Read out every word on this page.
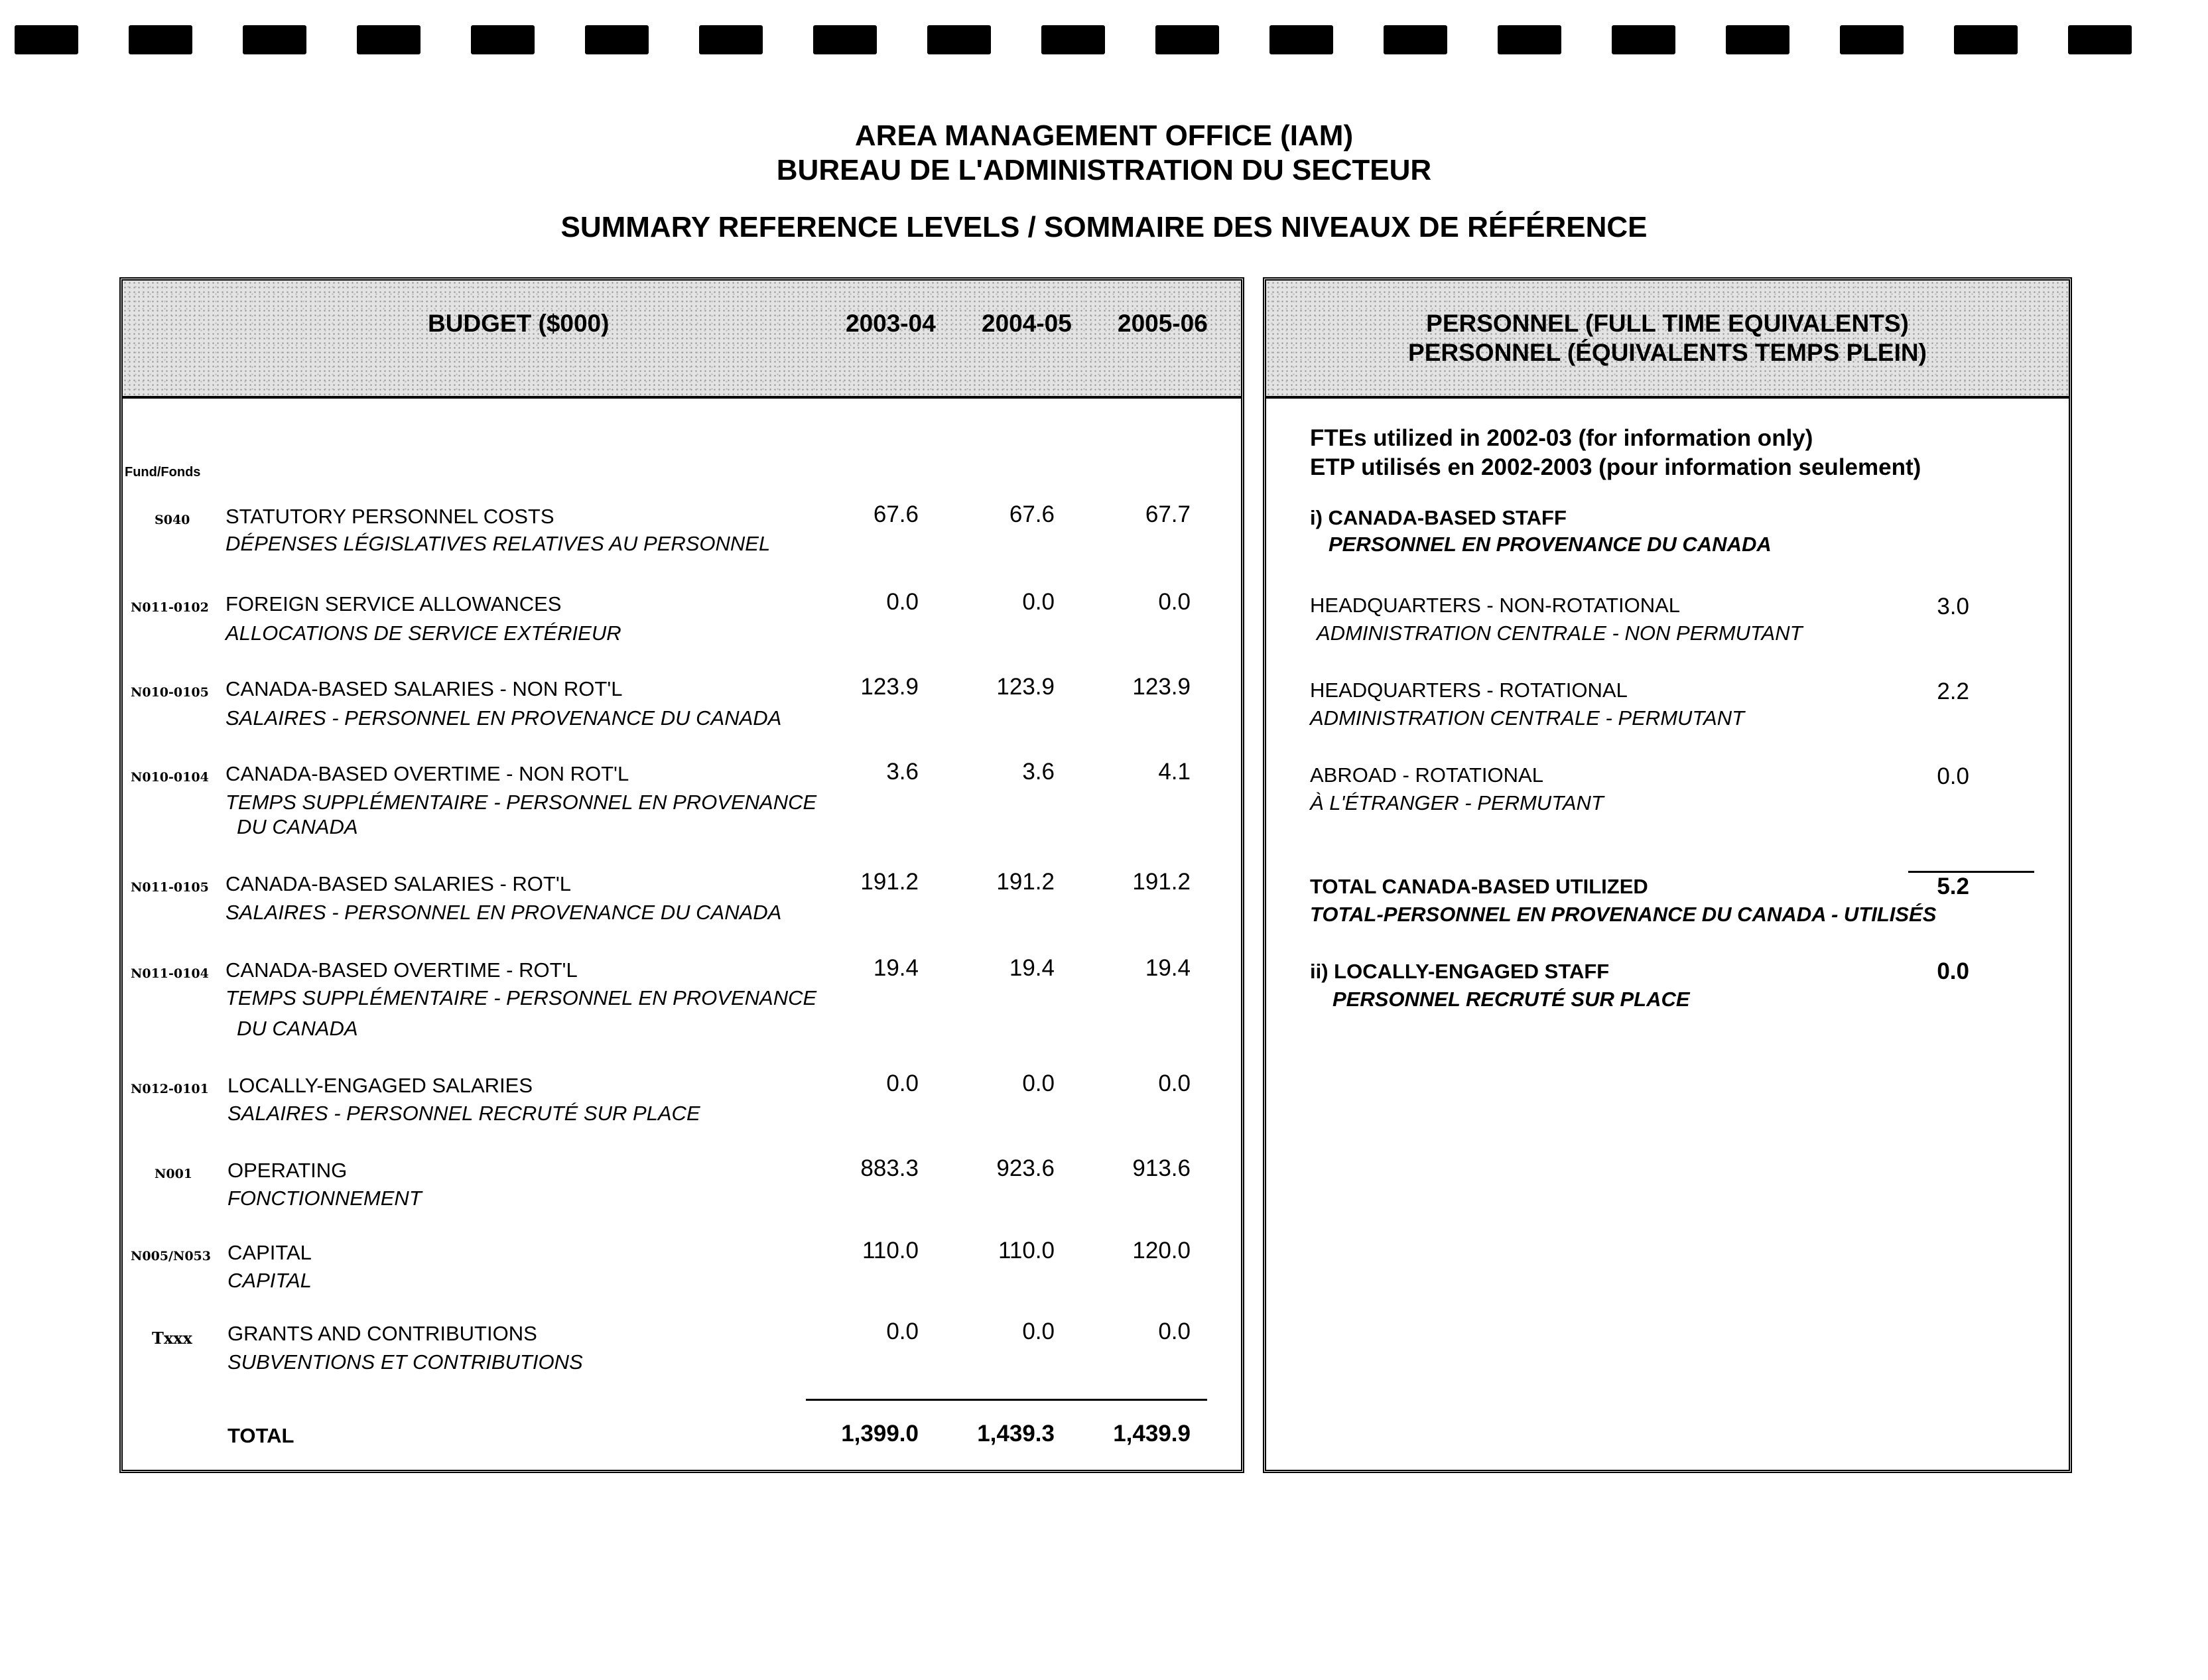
AREA MANAGEMENT OFFICE (IAM)
BUREAU DE L'ADMINISTRATION DU SECTEUR
SUMMARY REFERENCE LEVELS / SOMMAIRE DES NIVEAUX DE RÉFÉRENCE
BUDGET ($000)	2003-04 2004-05 2005-06
Fund/Fonds
S040 STATUTORY PERSONNEL COSTS
DÉPENSES LÉGISLATIVES RELATIVES AU PERSONNEL
67.6	67.6	67.7
N011-0102 FOREIGN SERVICE ALLOWANCES
ALLOCATIONS DE SERVICE EXTÉRIEUR
0.0	0.0	0.0
N010-0105 CANADA-BASED SALARIES - NON ROT'L
SALAIRES - PERSONNEL EN PROVENANCE DU CANADA
123.9	123.9	123.9
N010-0104 CANADA-BASED OVERTIME - NON ROT'L
TEMPS SUPPLÉMENTAIRE - PERSONNEL EN PROVENANCE
DU CANADA
3.6	3.6	4.1
N011-0105 CANADA-BASED SALARIES - ROT'L
SALAIRES - PERSONNEL EN PROVENANCE DU CANADA
191.2	191.2	191.2
N011-0104 CANADA-BASED OVERTIME - ROT'L
TEMPS SUPPLÉMENTAIRE - PERSONNEL EN PROVENANCE
DU CANADA
19.4	19.4	19.4
N012-0101 LOCALLY-ENGAGED SALARIES
SALAIRES - PERSONNEL RECRUTÉ SUR PLACE
0.0	0.0	0.0
N001 OPERATING
FONCTIONNEMENT
883.3	923.6	913.6
N005/N053 CAPITAL
CAPITAL
110.0	110.0	120.0
Txxx GRANTS AND CONTRIBUTIONS
SUBVENTIONS ET CONTRIBUTIONS
0.0	0.0	0.0
TOTAL	1,399.0	1,439.3	1,439.9
PERSONNEL (FULL TIME EQUIVALENTS)
PERSONNEL (ÉQUIVALENTS TEMPS PLEIN)
FTEs utilized in 2002-03 (for information only)
ETP utilisés en 2002-2003 (pour information seulement)
i) CANADA-BASED STAFF
PERSONNEL EN PROVENANCE DU CANADA
HEADQUARTERS - NON-ROTATIONAL
ADMINISTRATION CENTRALE - NON PERMUTANT
3.0
HEADQUARTERS - ROTATIONAL
ADMINISTRATION CENTRALE - PERMUTANT
2.2
ABROAD - ROTATIONAL
À L'ÉTRANGER - PERMUTANT
0.0
TOTAL CANADA-BASED UTILIZED
TOTAL-PERSONNEL EN PROVENANCE DU CANADA - UTILISÉS
5.2
ii) LOCALLY-ENGAGED STAFF
PERSONNEL RECRUTÉ SUR PLACE
0.0
